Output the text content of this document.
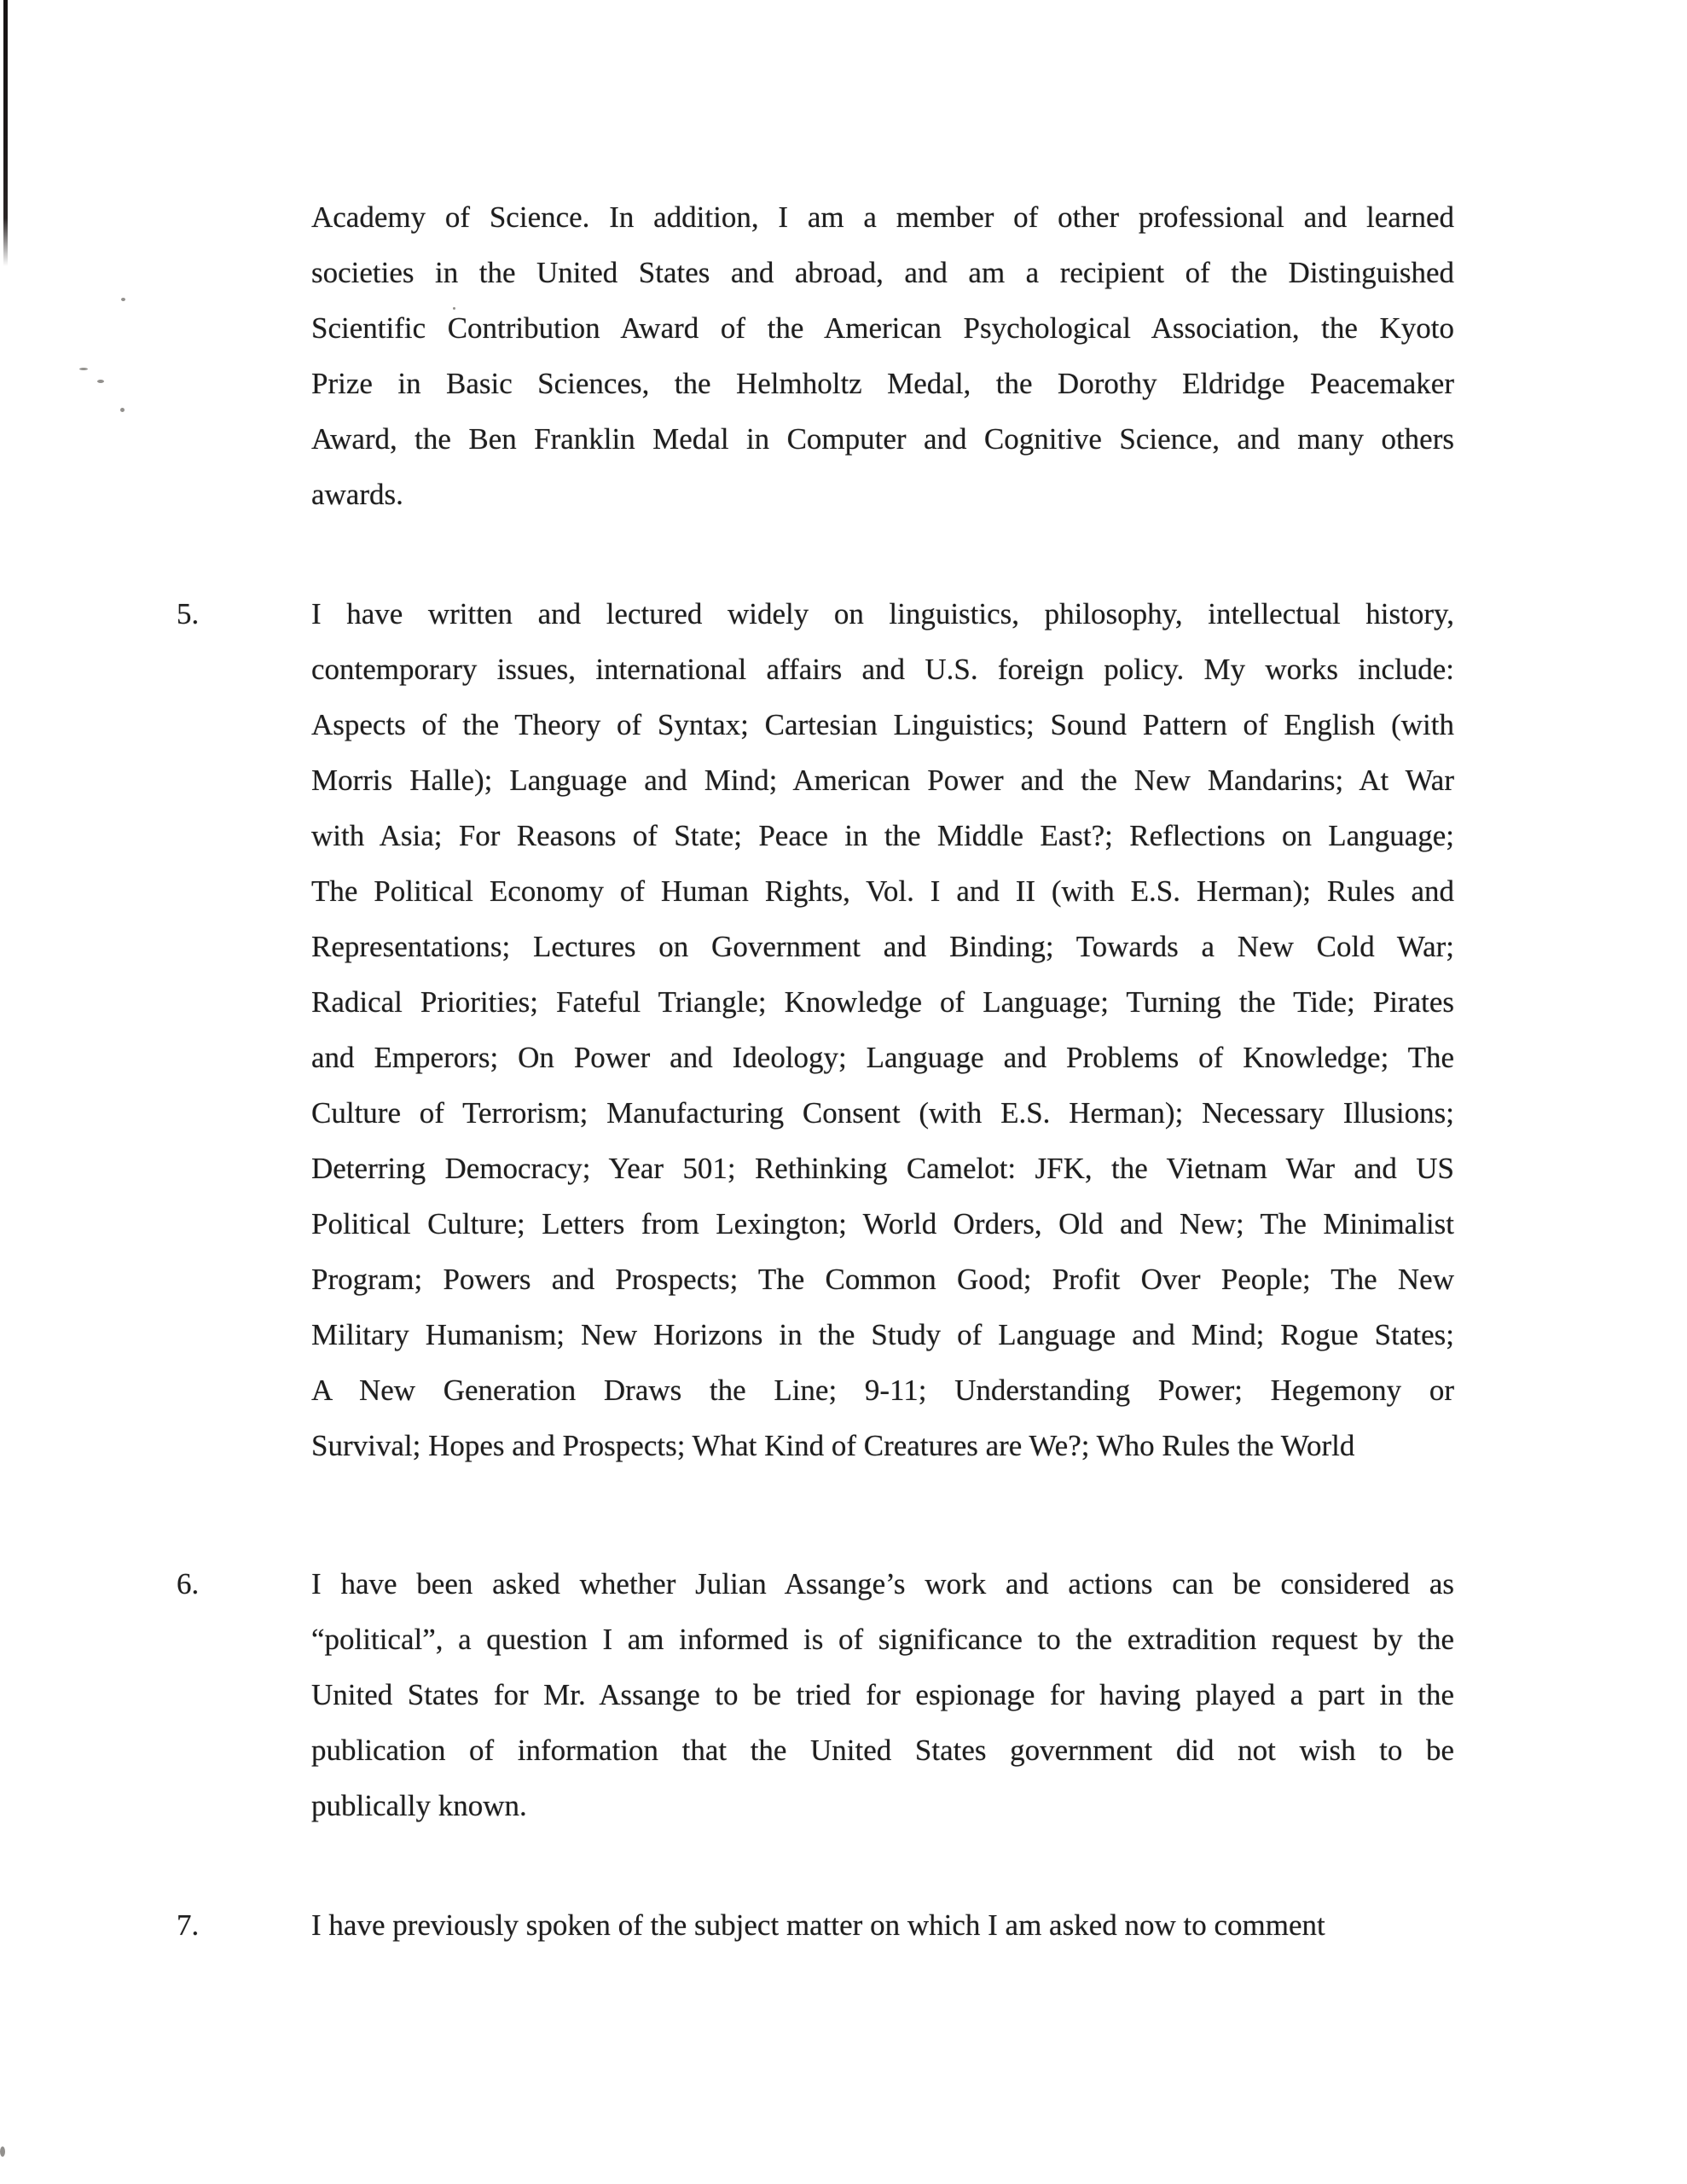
Academy of Science. In addition, I am a member of other professional and learned
societies in the United States and abroad, and am a recipient of the Distinguished
Scientific Contribution Award of the American Psychological Association, the Kyoto
Prize in Basic Sciences, the Helmholtz Medal, the Dorothy Eldridge Peacemaker
Award, the Ben Franklin Medal in Computer and Cognitive Science, and many others
awards.
5.	I have written and lectured widely on linguistics, philosophy, intellectual history,
contemporary issues, international affairs and U.S. foreign policy. My works include:
Aspects of the Theory of Syntax; Cartesian Linguistics; Sound Pattern of English (with
Morris Halle); Language and Mind; American Power and the New Mandarins; At War
with Asia; For Reasons of State; Peace in the Middle East?; Reflections on Language;
The Political Economy of Human Rights, Vol. I and II (with E.S. Herman); Rules and
Representations; Lectures on Government and Binding; Towards a New Cold War;
Radical Priorities; Fateful Triangle; Knowledge of Language; Turning the Tide; Pirates
and Emperors; On Power and Ideology; Language and Problems of Knowledge; The
Culture of Terrorism; Manufacturing Consent (with E.S. Herman); Necessary Illusions;
Deterring Democracy; Year 501; Rethinking Camelot: JFK, the Vietnam War and US
Political Culture; Letters from Lexington; World Orders, Old and New; The Minimalist
Program; Powers and Prospects; The Common Good; Profit Over People; The New
Military Humanism; New Horizons in the Study of Language and Mind; Rogue States;
A New Generation Draws the Line; 9-11; Understanding Power; Hegemony or
Survival; Hopes and Prospects; What Kind of Creatures are We?; Who Rules the World
6.	I have been asked whether Julian Assange’s work and actions can be considered as
“political”, a question I am informed is of significance to the extradition request by the
United States for Mr. Assange to be tried for espionage for having played a part in the
publication of information that the United States government did not wish to be
publically known.
7.	I have previously spoken of the subject matter on which I am asked now to comment
